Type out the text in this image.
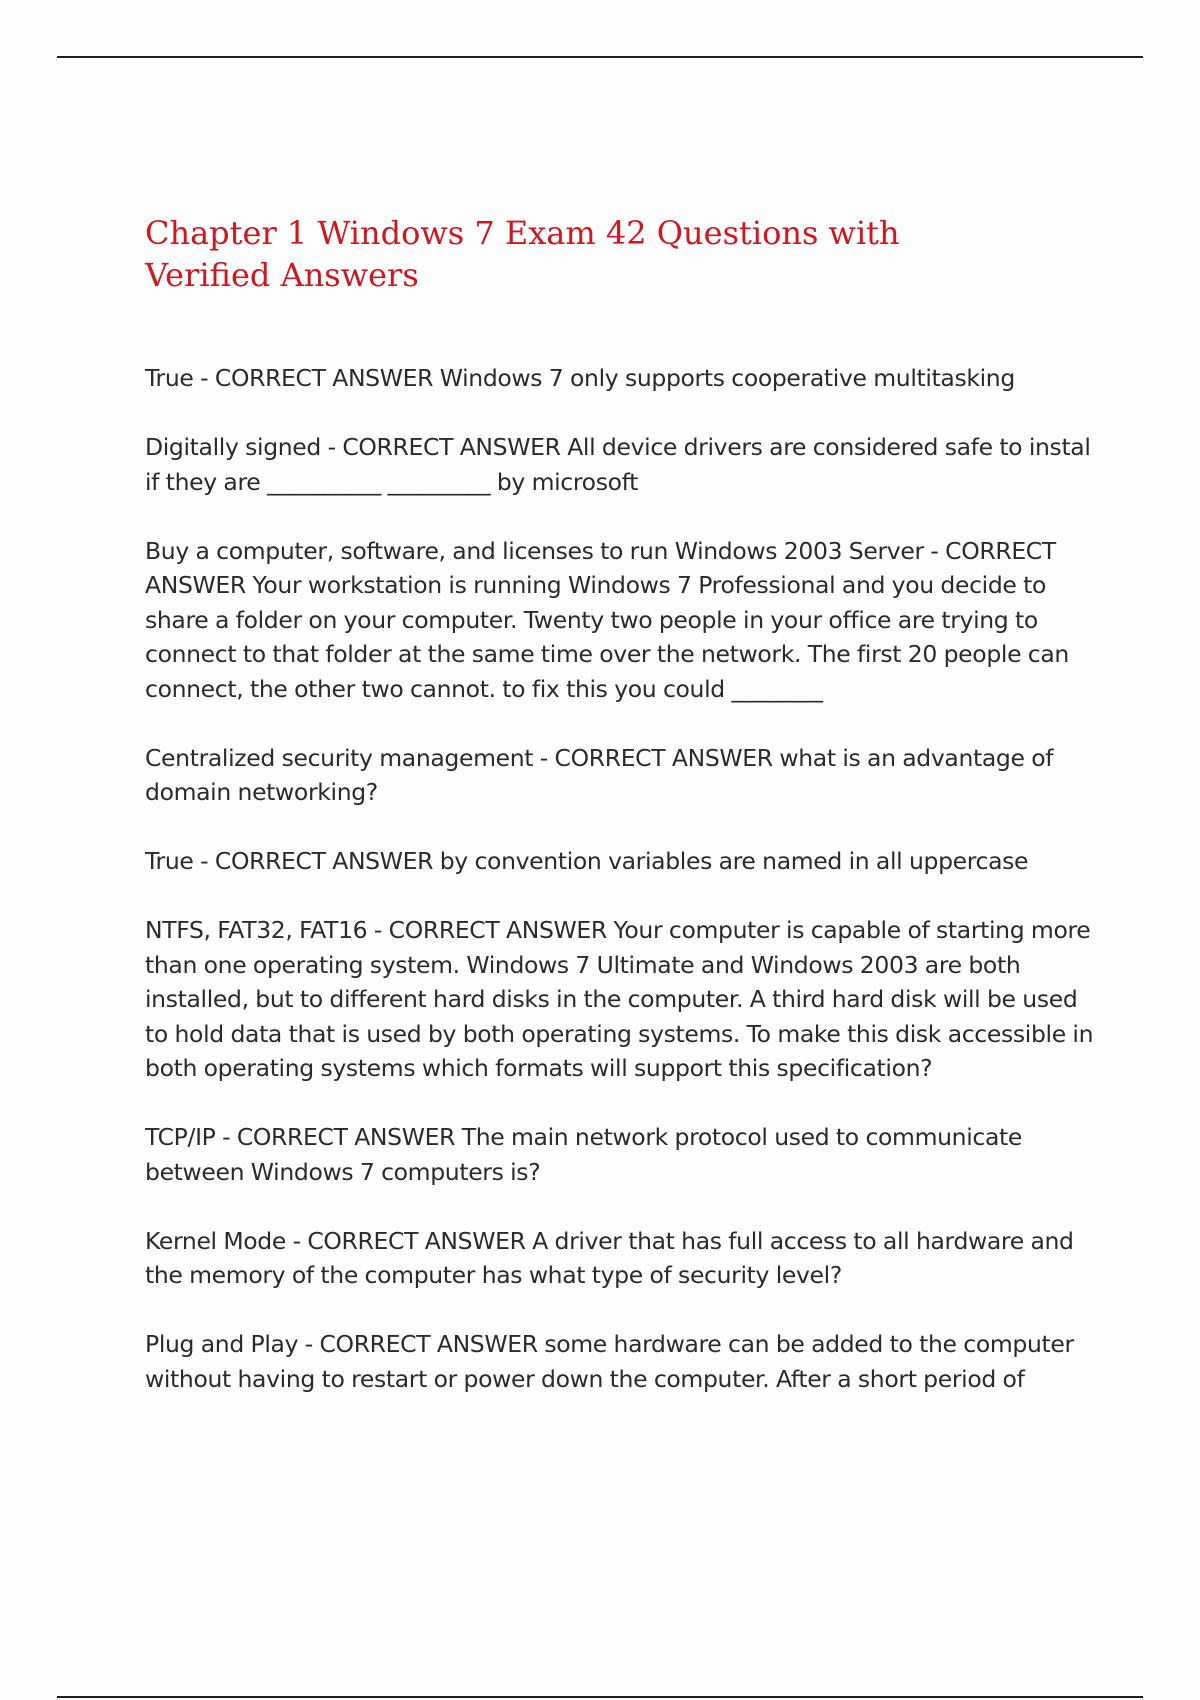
Chapter 1 Windows 7 Exam 42 Questions with Verified Answers

True - CORRECT ANSWER Windows 7 only supports cooperative multitasking

Digitally signed - CORRECT ANSWER All device drivers are considered safe to instal if they are __________ _________ by microsoft

Buy a computer, software, and licenses to run Windows 2003 Server - CORRECT ANSWER Your workstation is running Windows 7 Professional and you decide to share a folder on your computer. Twenty two people in your office are trying to connect to that folder at the same time over the network. The first 20 people can connect, the other two cannot. to fix this you could ________

Centralized security management - CORRECT ANSWER what is an advantage of domain networking?

True - CORRECT ANSWER by convention variables are named in all uppercase

NTFS, FAT32, FAT16 - CORRECT ANSWER Your computer is capable of starting more than one operating system. Windows 7 Ultimate and Windows 2003 are both installed, but to different hard disks in the computer. A third hard disk will be used to hold data that is used by both operating systems. To make this disk accessible in both operating systems which formats will support this specification?

TCP/IP - CORRECT ANSWER The main network protocol used to communicate between Windows 7 computers is?

Kernel Mode - CORRECT ANSWER A driver that has full access to all hardware and the memory of the computer has what type of security level?

Plug and Play - CORRECT ANSWER some hardware can be added to the computer without having to restart or power down the computer. After a short period of
